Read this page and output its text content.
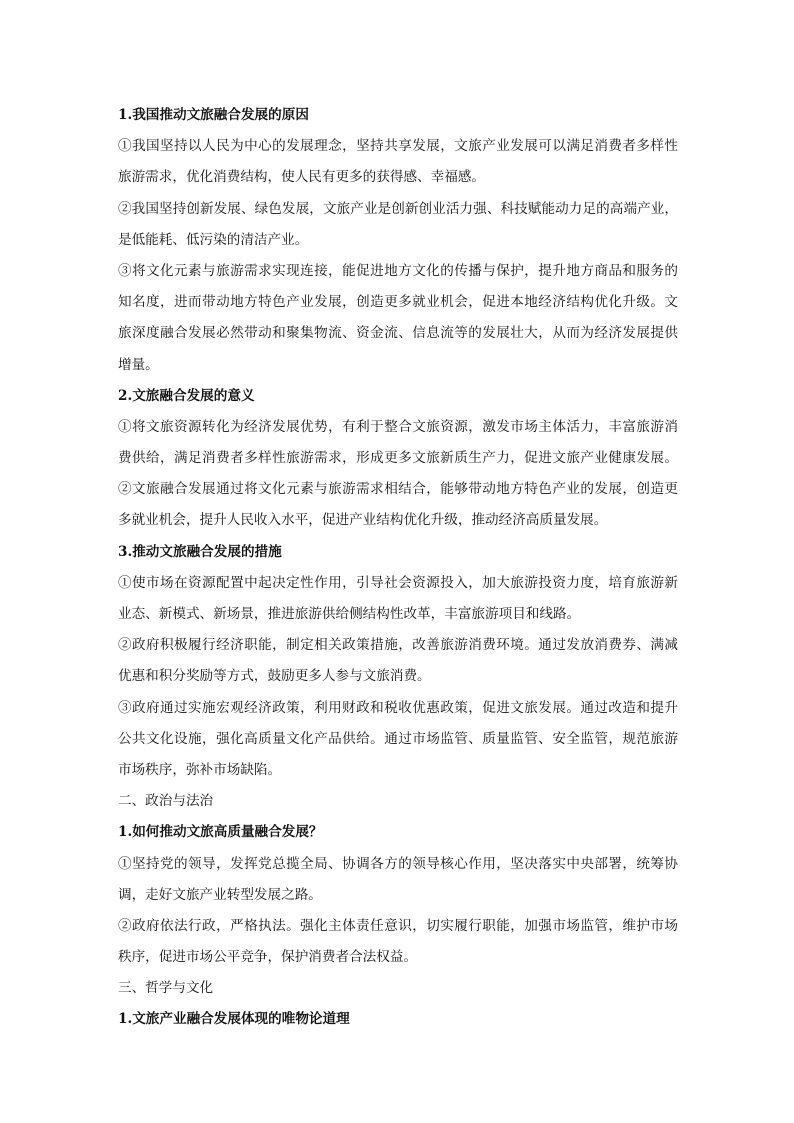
1.我国推动文旅融合发展的原因
①我国坚持以人民为中心的发展理念，坚持共享发展，文旅产业发展可以满足消费者多样性
旅游需求，优化消费结构，使人民有更多的获得感、幸福感。
②我国坚持创新发展、绿色发展，文旅产业是创新创业活力强、科技赋能动力足的高端产业，
是低能耗、低污染的清洁产业。
③将文化元素与旅游需求实现连接，能促进地方文化的传播与保护，提升地方商品和服务的
知名度，进而带动地方特色产业发展，创造更多就业机会，促进本地经济结构优化升级。文
旅深度融合发展必然带动和聚集物流、资金流、信息流等的发展壮大，从而为经济发展提供
增量。
2.文旅融合发展的意义
①将文旅资源转化为经济发展优势，有利于整合文旅资源，激发市场主体活力，丰富旅游消
费供给，满足消费者多样性旅游需求，形成更多文旅新质生产力，促进文旅产业健康发展。
②文旅融合发展通过将文化元素与旅游需求相结合，能够带动地方特色产业的发展，创造更
多就业机会，提升人民收入水平，促进产业结构优化升级，推动经济高质量发展。
3.推动文旅融合发展的措施
①使市场在资源配置中起决定性作用，引导社会资源投入，加大旅游投资力度，培育旅游新
业态、新模式、新场景，推进旅游供给侧结构性改革，丰富旅游项目和线路。
②政府积极履行经济职能，制定相关政策措施，改善旅游消费环境。通过发放消费券、满减
优惠和积分奖励等方式，鼓励更多人参与文旅消费。
③政府通过实施宏观经济政策，利用财政和税收优惠政策，促进文旅发展。通过改造和提升
公共文化设施，强化高质量文化产品供给。通过市场监管、质量监管、安全监管，规范旅游
市场秩序，弥补市场缺陷。
二、政治与法治
1.如何推动文旅高质量融合发展？
①坚持党的领导，发挥党总揽全局、协调各方的领导核心作用，坚决落实中央部署，统筹协
调，走好文旅产业转型发展之路。
②政府依法行政，严格执法。强化主体责任意识，切实履行职能，加强市场监管，维护市场
秩序，促进市场公平竞争，保护消费者合法权益。
三、哲学与文化
1.文旅产业融合发展体现的唯物论道理
